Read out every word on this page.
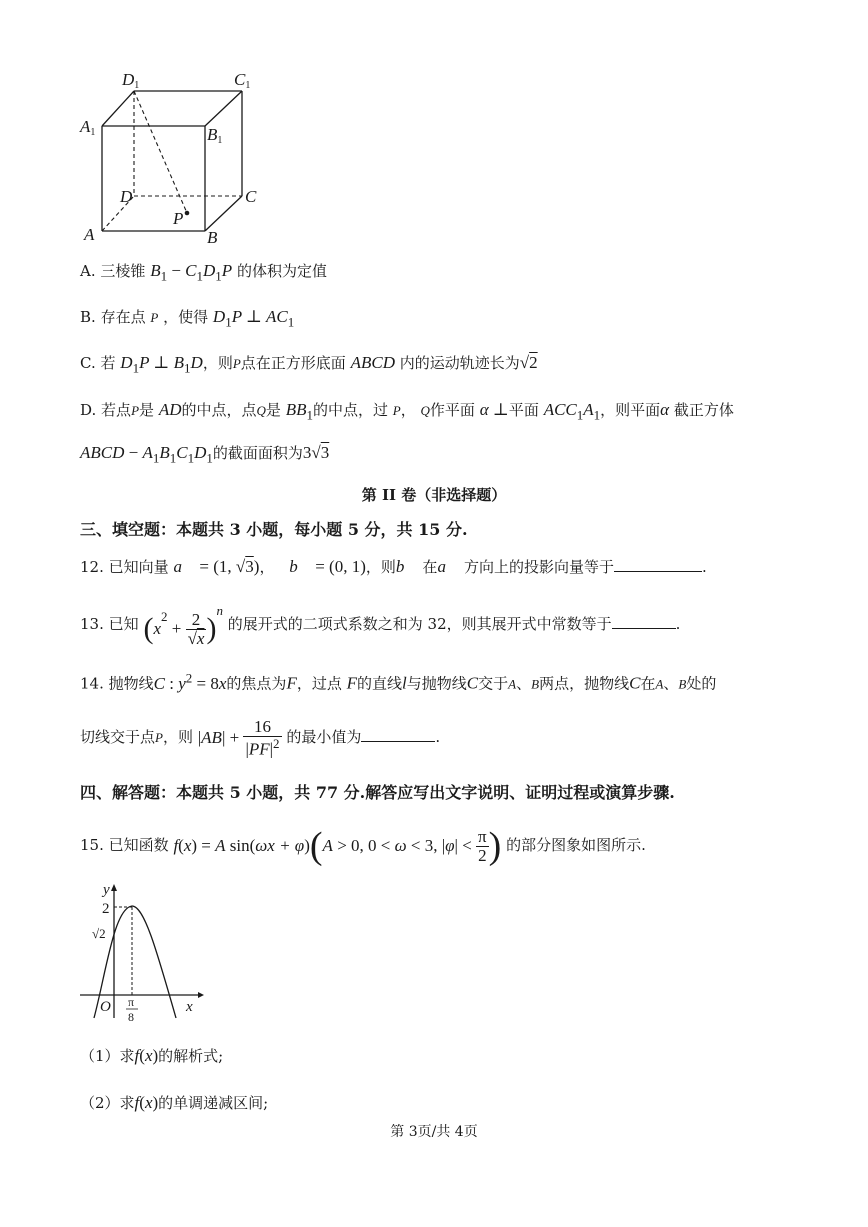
D1	C1
A1	B1
D	C
P
A	B
A. 三棱锥 $B_1 - C_1D_1P$ 的体积为定值
B. 存在点 P ，使得 $D_1P$ ⊥ $AC_1$
C. 若 $D_1P$ ⊥ $B_1D$，则P点在正方形底面 ABCD 内的运动轨迹长为√2
D. 若点P是 AD的中点，点Q是 $BB_1$的中点，过 P， Q作平面 α ⊥平面 $ACC_1A_1$，则平面α 截正方体
ABCD − $A_1B_1C_1D_1$的截面面积为3√3
第 II 卷（非选择题）
三、填空题：本题共 3 小题，每小题 5 分，共 15 分.
12. 已知向量 a⃗ = (1, √3)， b⃗ = (0, 1)，则b⃗ 在a⃗ 方向上的投影向量等于	.
13. 已知 $(x^2 + \frac{2}{√x} )^n$ 的展开式的二项式系数之和为 32，则其展开式中常数等于	.
14. 抛物线C : $y^2 = 8x$的焦点为F，过点 F的直线l与抛物线C交于A、B两点，抛物线C在A、B处的
切线交于点P，则 $|AB| + \frac{16}{|PF|^2}$ 的最小值为	.
四、解答题：本题共 5 小题，共 77 分.解答应写出文字说明、证明过程或演算步骤.
15. 已知函数 f(x) = A sin(ωx + φ)(A > 0, 0 < ω < 3, $|\varphi| < \frac{\pi}{2}$ ) 的部分图象如图所示.
y
x
O
2
√2
π
8
（1）求f(x)的解析式;
（2）求f(x)的单调递减区间;
第 3页/共 4页
